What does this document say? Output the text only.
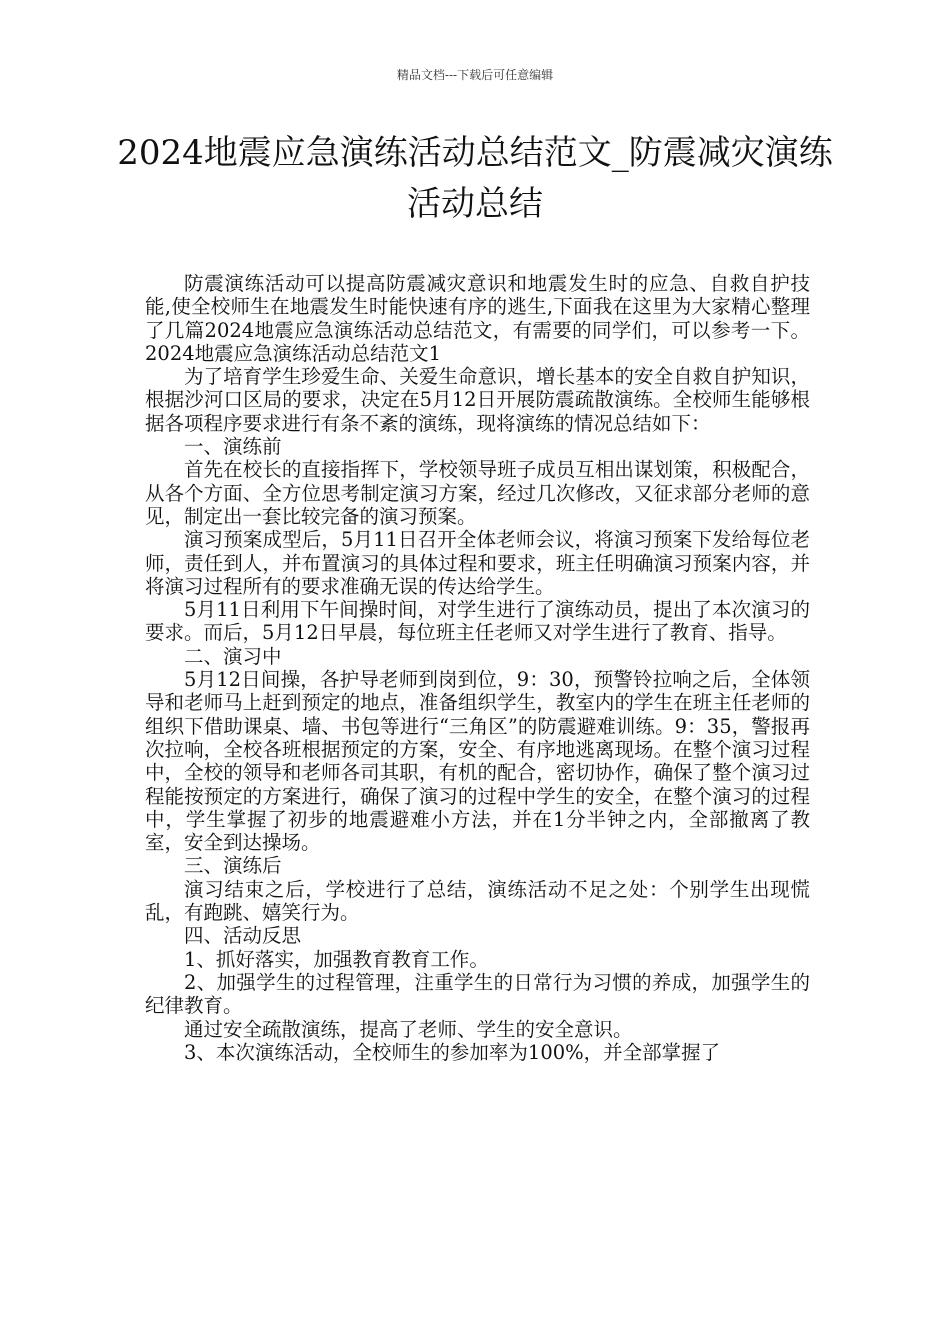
精品文档---下载后可任意编辑
2024地震应急演练活动总结范文_防震减灾演练活动总结

防震演练活动可以提高防震减灾意识和地震发生时的应急、自救自护技能,使全校师生在地震发生时能快速有序的逃生,下面我在这里为大家精心整理了几篇2024地震应急演练活动总结范文，有需要的同学们，可以参考一下。2024地震应急演练活动总结范文1

为了培育学生珍爱生命、关爱生命意识，增长基本的安全自救自护知识，根据沙河口区局的要求，决定在5月12日开展防震疏散演练。全校师生能够根据各项程序要求进行有条不紊的演练，现将演练的情况总结如下：

一、演练前

首先在校长的直接指挥下，学校领导班子成员互相出谋划策，积极配合，从各个方面、全方位思考制定演习方案，经过几次修改，又征求部分老师的意见，制定出一套比较完备的演习预案。

演习预案成型后，5月11日召开全体老师会议，将演习预案下发给每位老师，责任到人，并布置演习的具体过程和要求，班主任明确演习预案内容，并将演习过程所有的要求准确无误的传达给学生。

5月11日利用下午间操时间，对学生进行了演练动员，提出了本次演习的要求。而后，5月12日早晨，每位班主任老师又对学生进行了教育、指导。

二、演习中

5月12日间操，各护导老师到岗到位，9：30，预警铃拉响之后，全体领导和老师马上赶到预定的地点，准备组织学生，教室内的学生在班主任老师的组织下借助课桌、墙、书包等进行“三角区”的防震避难训练。9：35，警报再次拉响，全校各班根据预定的方案，安全、有序地逃离现场。在整个演习过程中，全校的领导和老师各司其职，有机的配合，密切协作，确保了整个演习过程能按预定的方案进行，确保了演习的过程中学生的安全，在整个演习的过程中，学生掌握了初步的地震避难小方法，并在1分半钟之内，全部撤离了教室，安全到达操场。

三、演练后

演习结束之后，学校进行了总结，演练活动不足之处：个别学生出现慌乱，有跑跳、嬉笑行为。

四、活动反思

1、抓好落实，加强教育教育工作。

2、加强学生的过程管理，注重学生的日常行为习惯的养成，加强学生的纪律教育。

通过安全疏散演练，提高了老师、学生的安全意识。

3、本次演练活动，全校师生的参加率为100%，并全部掌握了
